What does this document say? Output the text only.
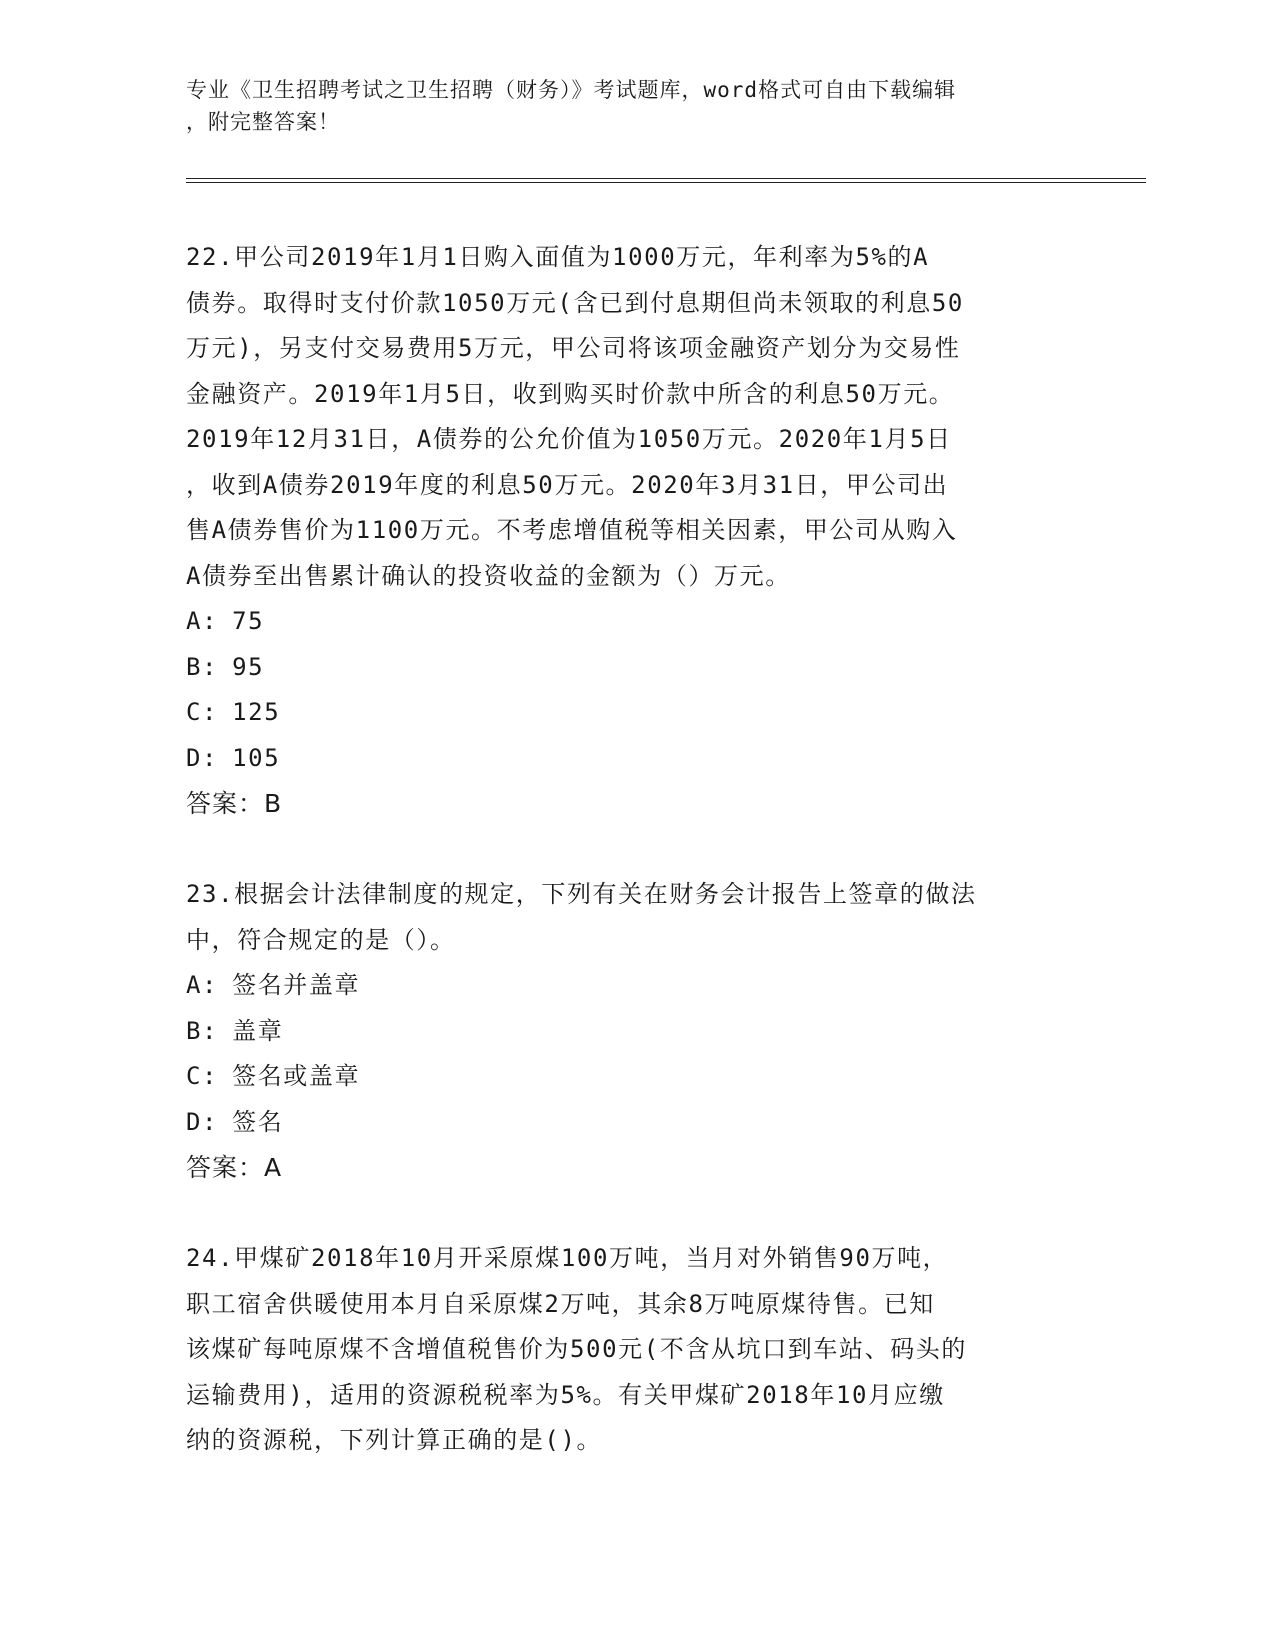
专业《卫生招聘考试之卫生招聘（财务）》考试题库，word格式可自由下载编辑
，附完整答案！

22.甲公司2019年1月1日购入面值为1000万元，年利率为5%的A

债券。取得时支付价款1050万元(含已到付息期但尚未领取的利息50

万元)，另支付交易费用5万元，甲公司将该项金融资产划分为交易性

金融资产。2019年1月5日，收到购买时价款中所含的利息50万元。

2019年12月31日，A债券的公允价值为1050万元。2020年1月5日

，收到A债券2019年度的利息50万元。2020年3月31日，甲公司出

售A债券售价为1100万元。不考虑增值税等相关因素，甲公司从购入

A债券至出售累计确认的投资收益的金额为（）万元。

A: 75

B: 95

C: 125

D: 105

答案：B

23.根据会计法律制度的规定，下列有关在财务会计报告上签章的做法

中，符合规定的是（）。

A: 签名并盖章

B: 盖章

C: 签名或盖章

D: 签名

答案：A

24.甲煤矿2018年10月开采原煤100万吨，当月对外销售90万吨，

职工宿舍供暖使用本月自采原煤2万吨，其余8万吨原煤待售。已知

该煤矿每吨原煤不含增值税售价为500元(不含从坑口到车站、码头的

运输费用)，适用的资源税税率为5%。有关甲煤矿2018年10月应缴

纳的资源税，下列计算正确的是()。
